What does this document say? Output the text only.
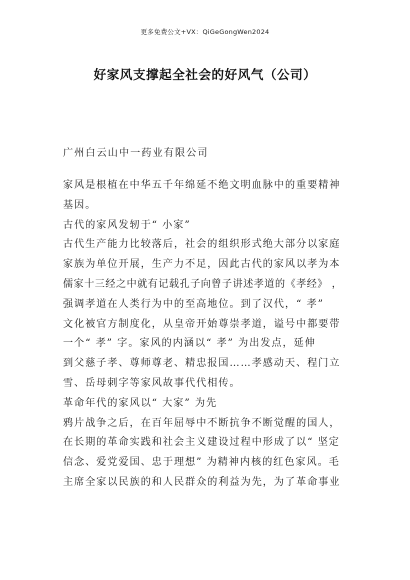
更多免费公文+VX：QiGeGongWen2024
好家风支撑起全社会的好风气（公司）
广州白云山中一药业有限公司
家风是根植在中华五千年绵延不绝文明血脉中的重要精神
基因。
古代的家风发轫于“ 小家”
古代生产能力比较落后，社会的组织形式绝大部分以家庭
家族为单位开展，生产力不足，因此古代的家风以孝为本
儒家十三经之中就有记载孔子向曾子讲述孝道的《孝经》 ，
强调孝道在人类行为中的至高地位。到了汉代，“ 孝”
文化被官方制度化，从皇帝开始尊崇孝道，谥号中都要带
一个“ 孝” 字。家风的内涵以“ 孝” 为出发点，延伸
到父慈子孝、尊师尊老、精忠报国……孝感动天、程门立
雪、岳母刺字等家风故事代代相传。
革命年代的家风以“ 大家” 为先
鸦片战争之后，在百年屈辱中不断抗争不断觉醒的国人，
在长期的革命实践和社会主义建设过程中形成了以“ 坚定
信念、爱党爱国、忠于理想” 为精神内核的红色家风。毛
主席全家以民族的和人民群众的利益为先，为了革命事业
